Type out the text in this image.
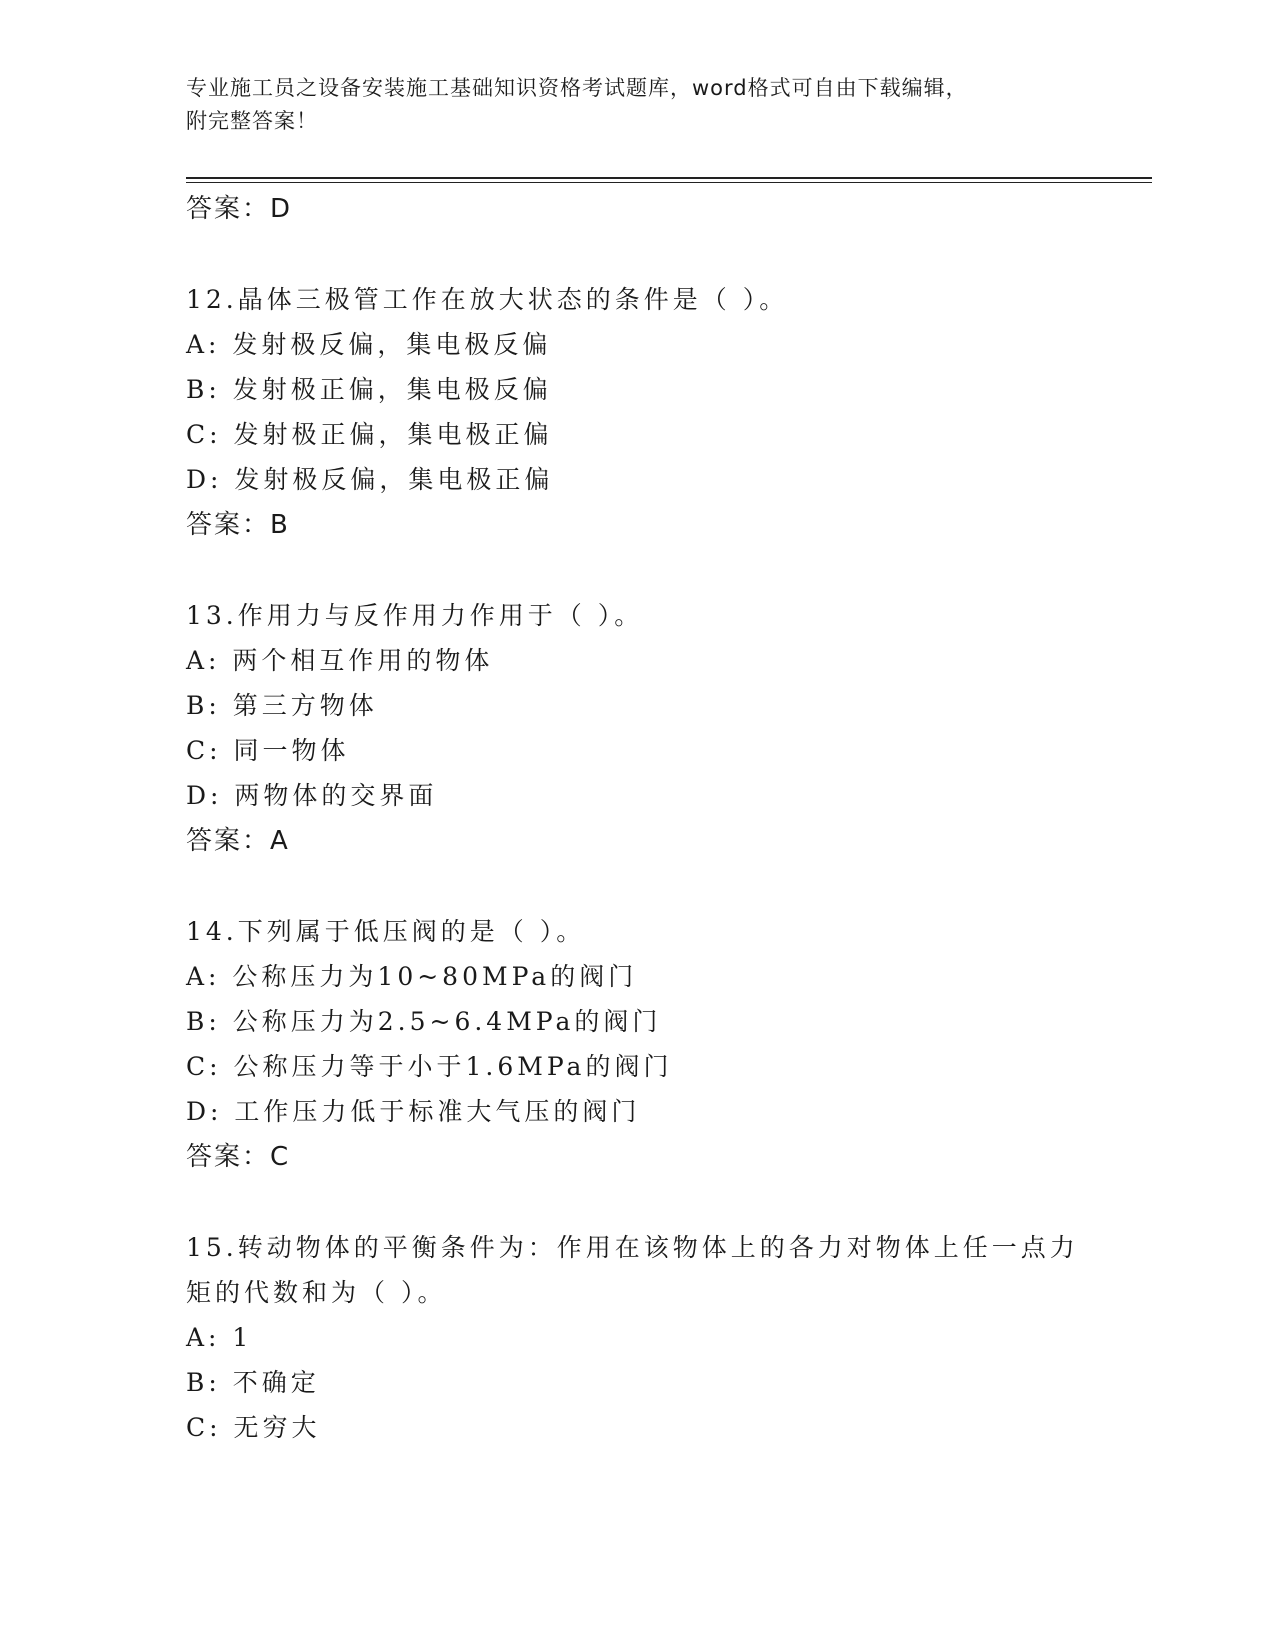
专业施工员之设备安装施工基础知识资格考试题库，word格式可自由下载编辑，
附完整答案！
答案：D
12.晶体三极管工作在放大状态的条件是（ ）。
A: 发射极反偏，集电极反偏
B: 发射极正偏，集电极反偏
C: 发射极正偏，集电极正偏
D: 发射极反偏，集电极正偏
答案：B
13.作用力与反作用力作用于（ ）。
A: 两个相互作用的物体
B: 第三方物体
C: 同一物体
D: 两物体的交界面
答案：A
14.下列属于低压阀的是（ ）。
A: 公称压力为10~80MPa的阀门
B: 公称压力为2.5~6.4MPa的阀门
C: 公称压力等于小于1.6MPa的阀门
D: 工作压力低于标准大气压的阀门
答案：C
15.转动物体的平衡条件为：作用在该物体上的各力对物体上任一点力矩的代数和为（ ）。
A: 1
B: 不确定
C: 无穷大
